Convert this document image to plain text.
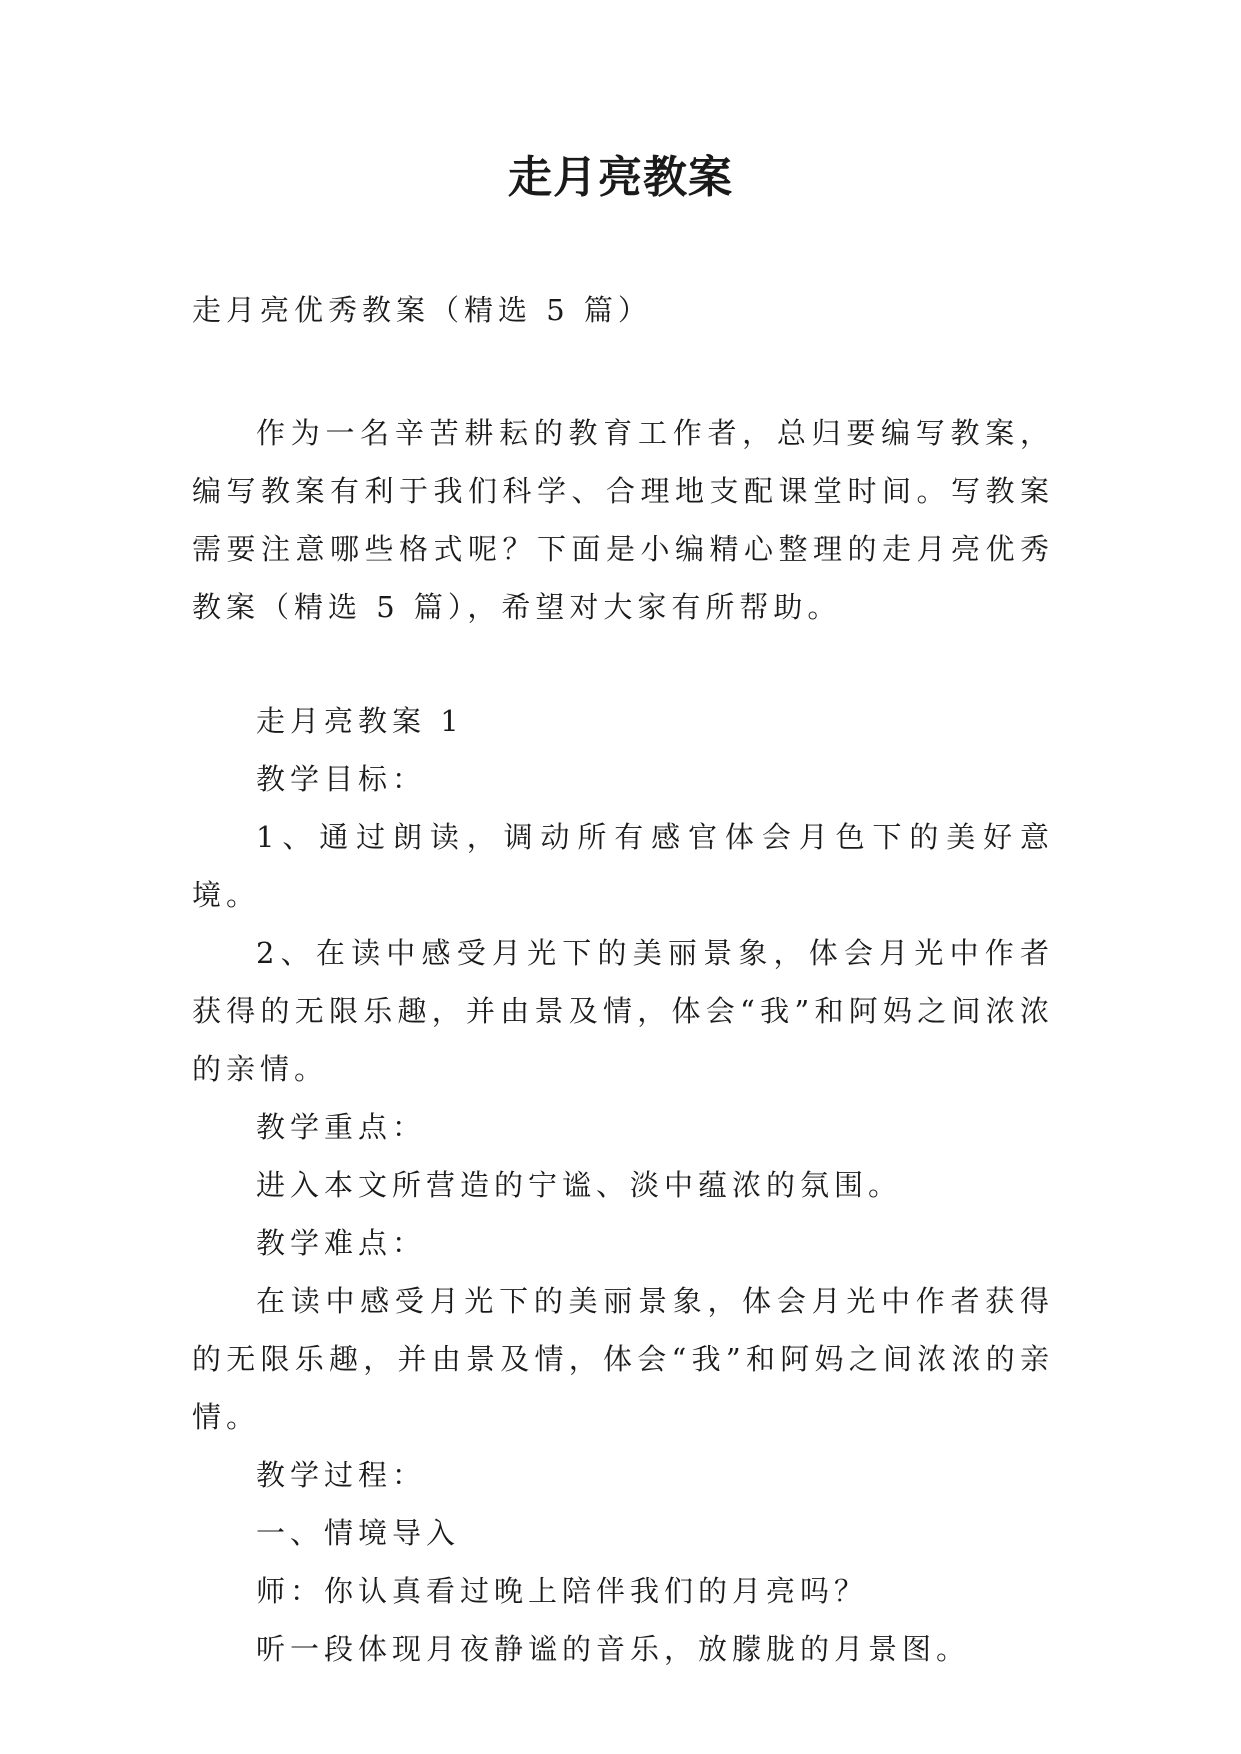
走月亮教案
走月亮优秀教案（精选 5 篇）
作为一名辛苦耕耘的教育工作者，总归要编写教案，编写教案有利于我们科学、合理地支配课堂时间。写教案需要注意哪些格式呢？下面是小编精心整理的走月亮优秀教案（精选 5 篇），希望对大家有所帮助。

走月亮教案 1

教学目标：

1、通过朗读，调动所有感官体会月色下的美好意境。

2、在读中感受月光下的美丽景象，体会月光中作者获得的无限乐趣，并由景及情，体会“我”和阿妈之间浓浓的亲情。

教学重点：

进入本文所营造的宁谧、淡中蕴浓的氛围。

教学难点：

在读中感受月光下的美丽景象，体会月光中作者获得的无限乐趣，并由景及情，体会“我”和阿妈之间浓浓的亲情。

教学过程：

一、情境导入

师：你认真看过晚上陪伴我们的月亮吗？

听一段体现月夜静谧的音乐，放朦胧的月景图。
